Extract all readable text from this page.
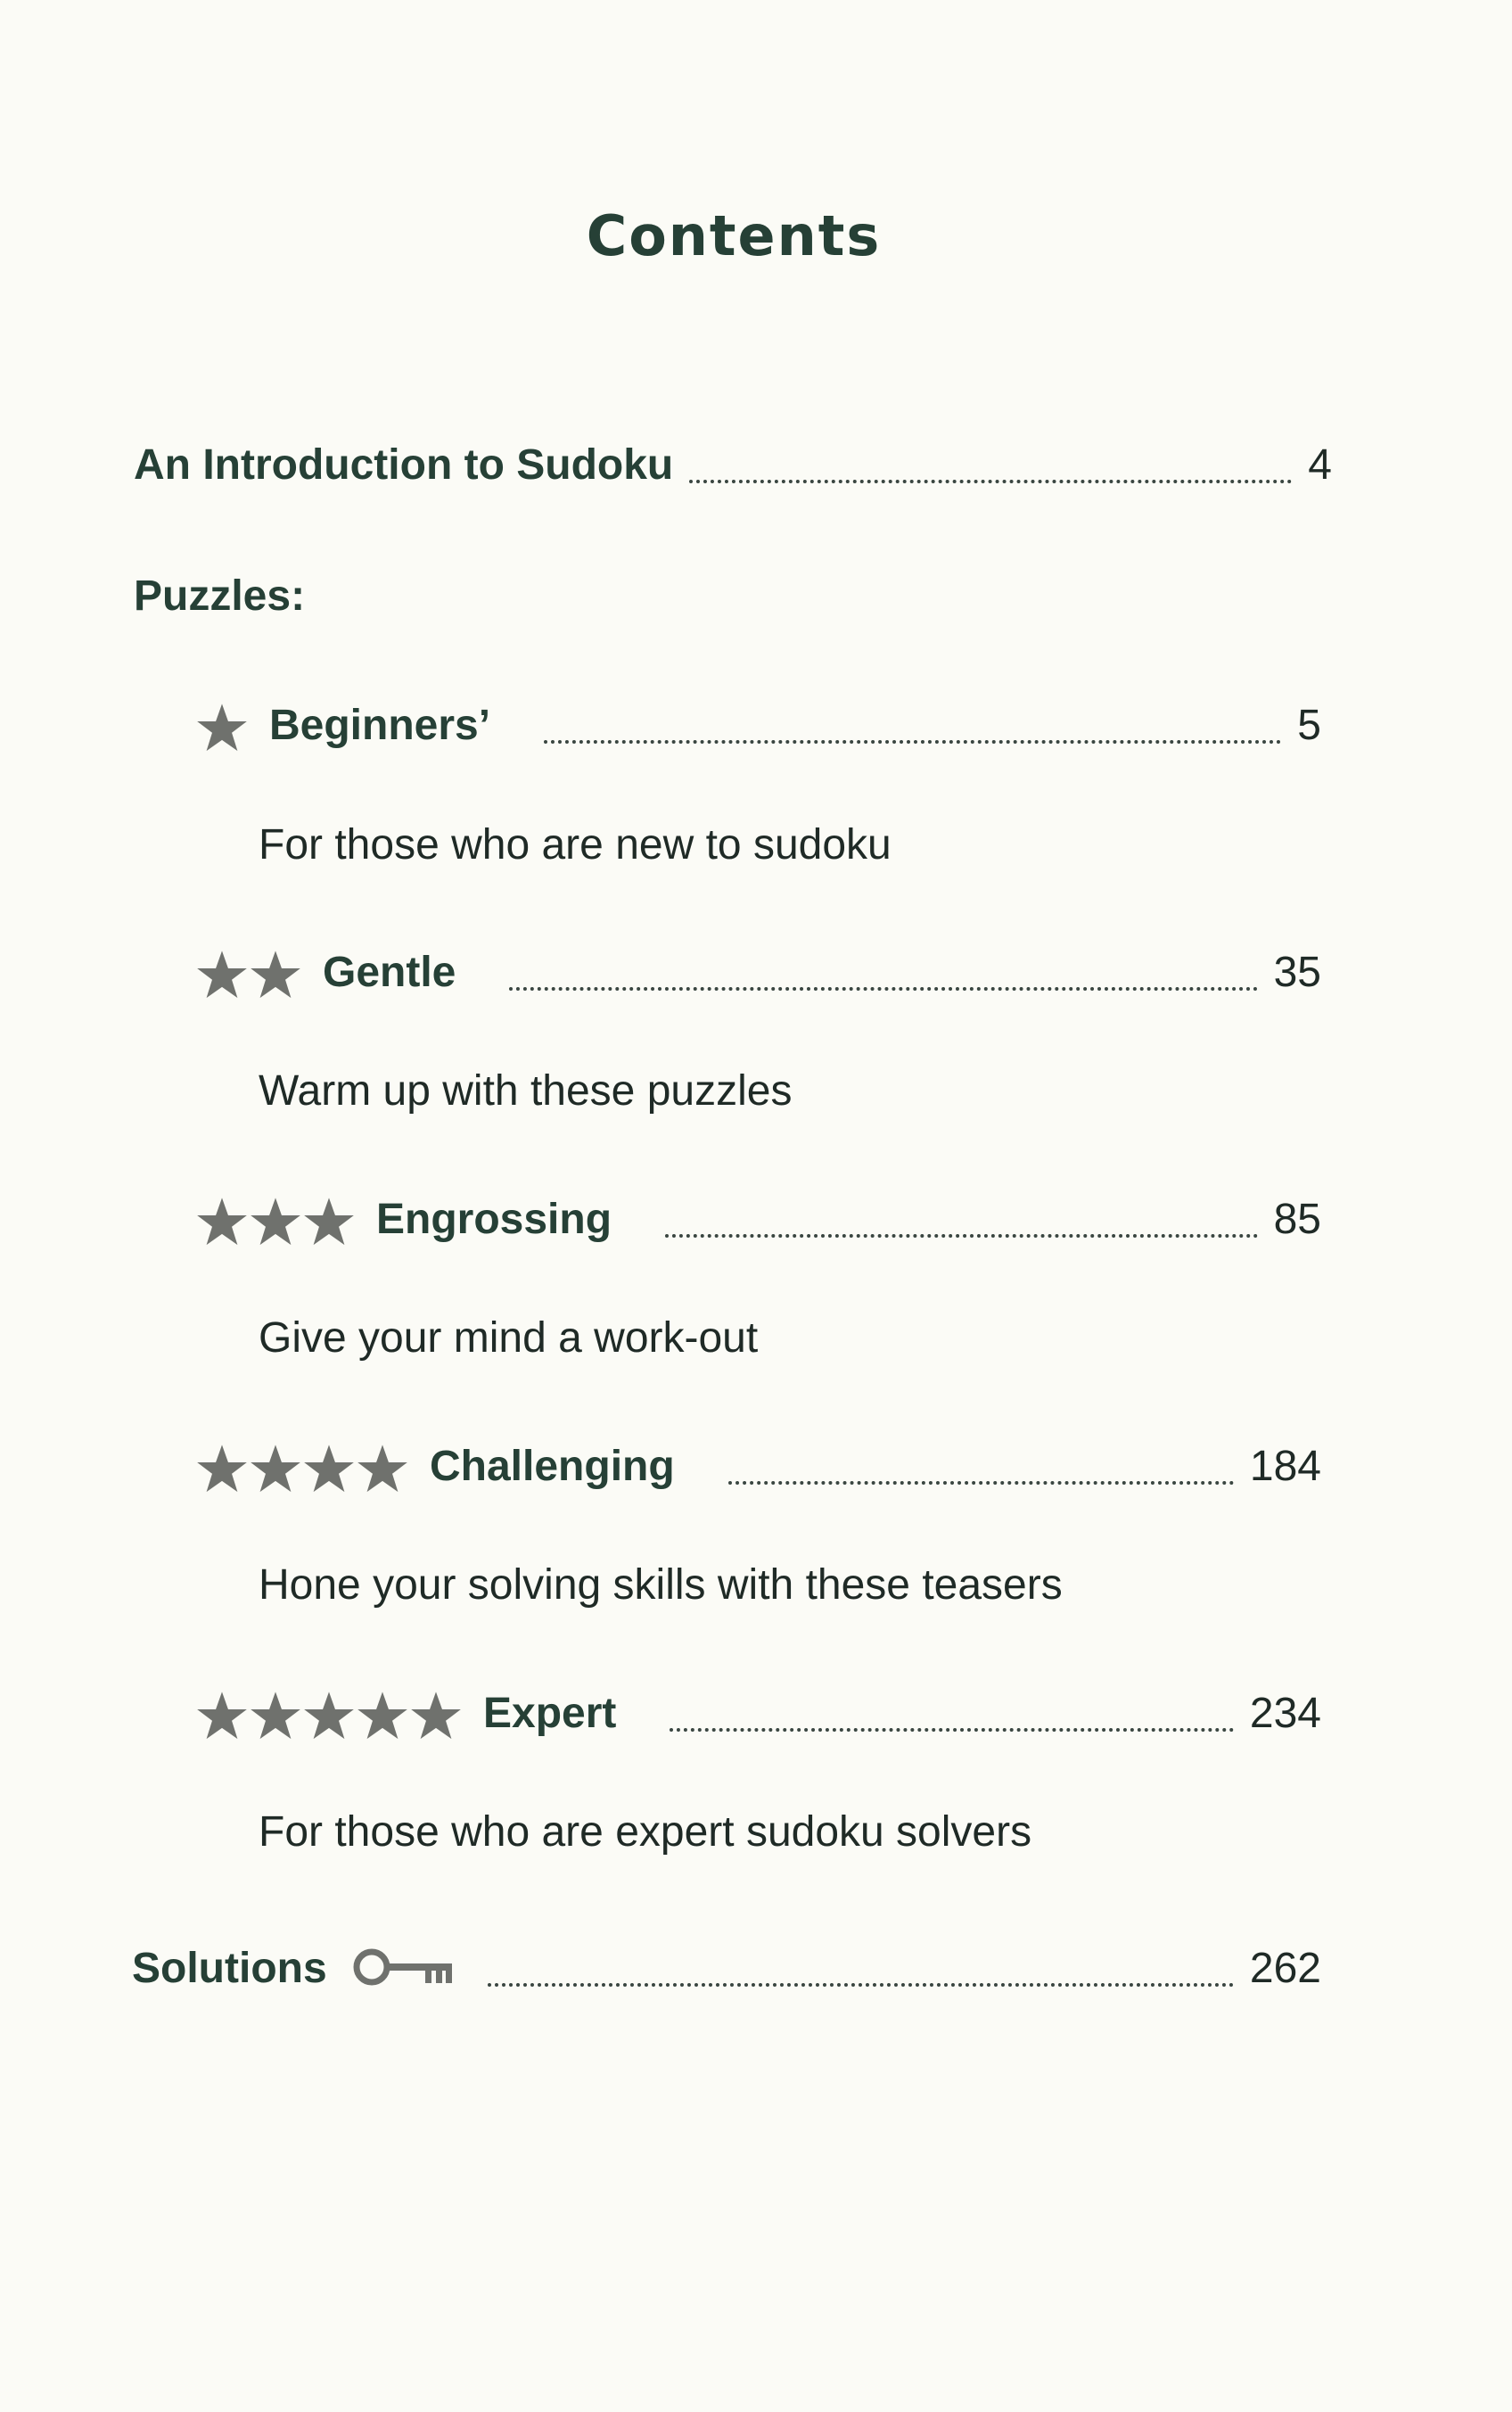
Contents
An Introduction to Sudoku	4
Puzzles:
Beginners’	5
For those who are new to sudoku
Gentle	35
Warm up with these puzzles
Engrossing	85
Give your mind a work-out
Challenging	184
Hone your solving skills with these teasers
Expert	234
For those who are expert sudoku solvers
Solutions	262
